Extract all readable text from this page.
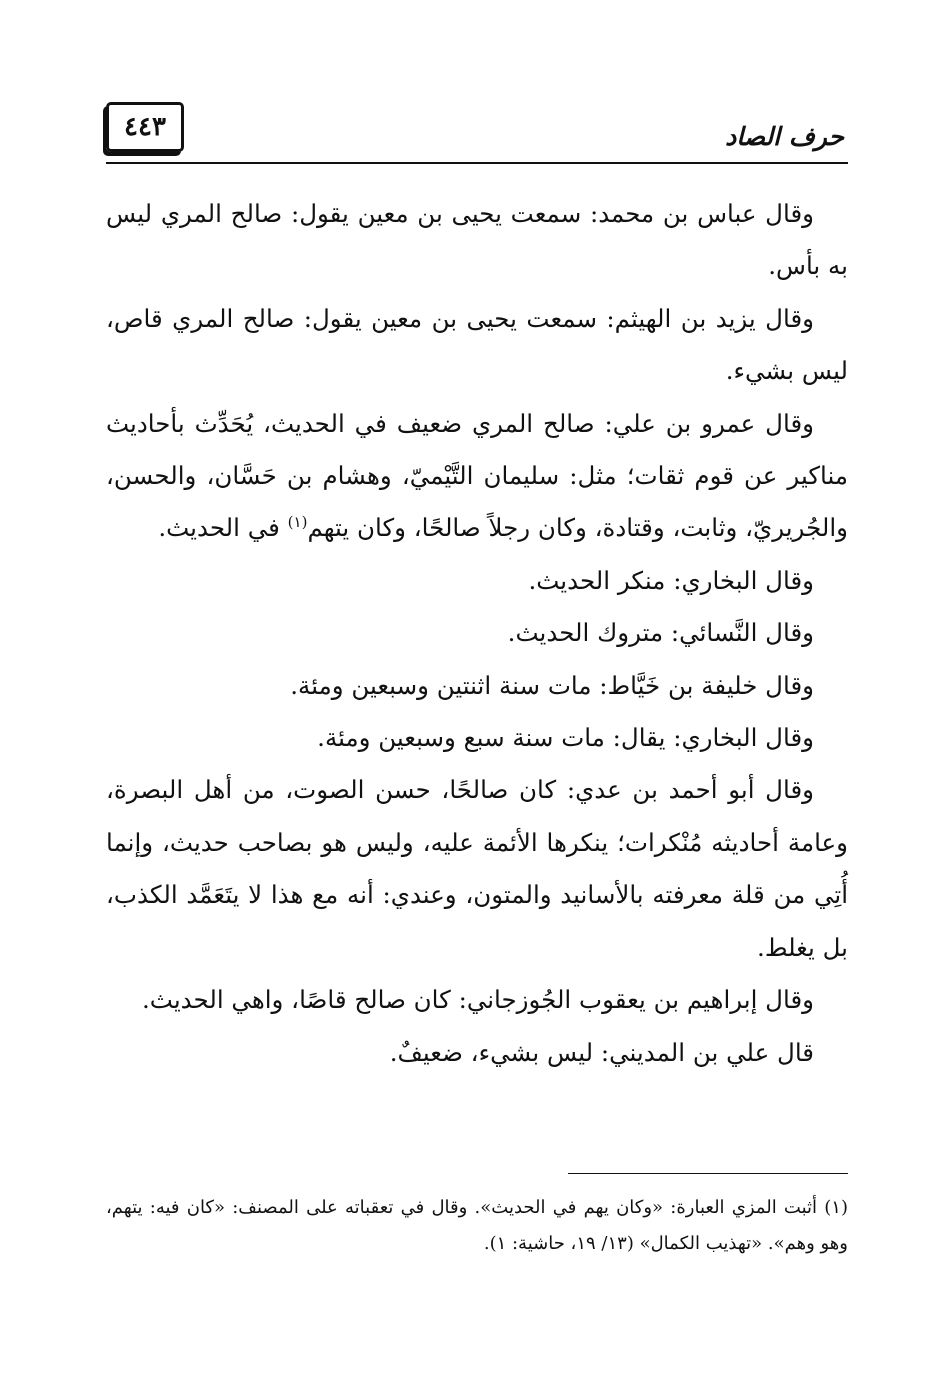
٤٤٣	حرف الصاد

وقال عباس بن محمد: سمعت يحيى بن معين يقول: صالح المري ليس به بأس.

وقال يزيد بن الهيثم: سمعت يحيى بن معين يقول: صالح المري قاص، ليس بشيء.

وقال عمرو بن علي: صالح المري ضعيف في الحديث، يُحَدِّث بأحاديث مناكير عن قوم ثقات؛ مثل: سليمان التَّيْميّ، وهشام بن حَسَّان، والحسن، والجُريريّ، وثابت، وقتادة، وكان رجلاً صالحًا، وكان يتهم$^{(١)}$ في الحديث.

وقال البخاري: منكر الحديث.

وقال النَّسائي: متروك الحديث.

وقال خليفة بن خَيَّاط: مات سنة اثنتين وسبعين ومئة.

وقال البخاري: يقال: مات سنة سبع وسبعين ومئة.

وقال أبو أحمد بن عدي: كان صالحًا، حسن الصوت، من أهل البصرة، وعامة أحاديثه مُنْكرات؛ ينكرها الأئمة عليه، وليس هو بصاحب حديث، وإنما أُتِي من قلة معرفته بالأسانيد والمتون، وعندي: أنه مع هذا لا يتَعَمَّد الكذب، بل يغلط.

وقال إبراهيم بن يعقوب الجُوزجاني: كان صالح قاصًا، واهي الحديث.

قال علي بن المديني: ليس بشيء، ضعيفٌ.

(١) أثبت المزي العبارة: «وكان يهم في الحديث». وقال في تعقباته على المصنف: «كان فيه: يتهم، وهو وهم». «تهذيب الكمال» (١٣/ ١٩، حاشية: ١).
